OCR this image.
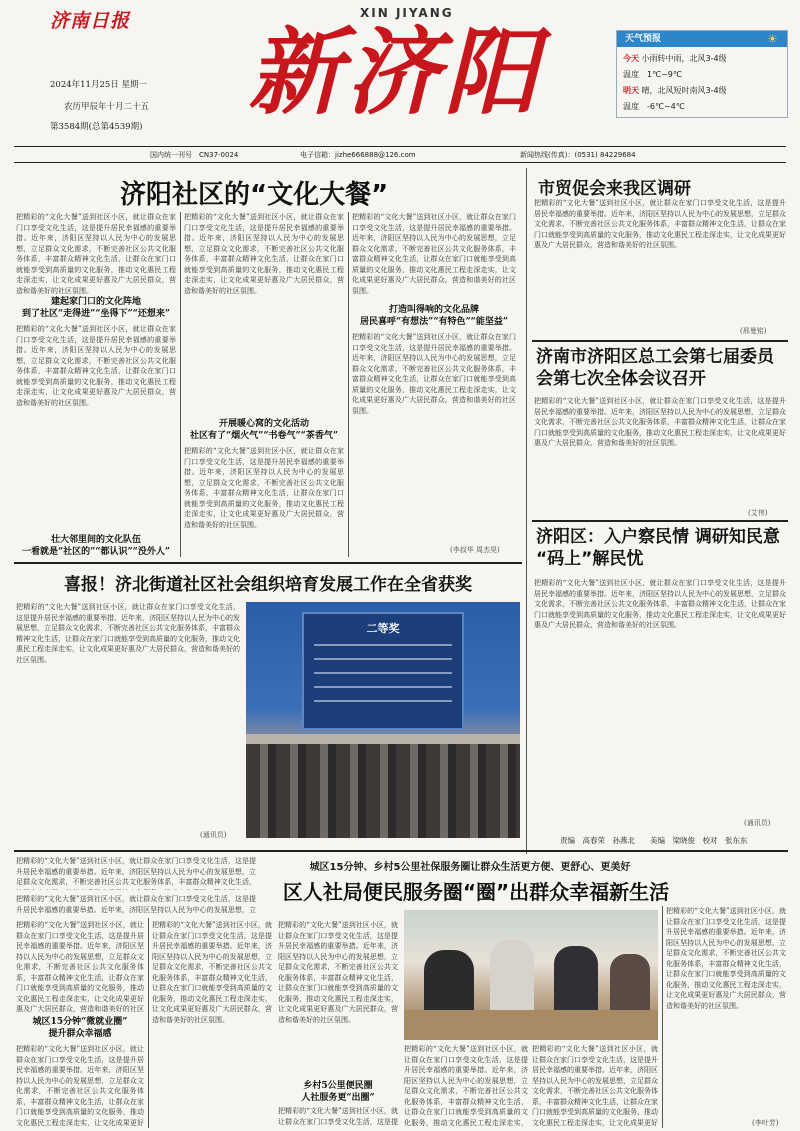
济南日报
2024年11月25日 星期一
农历甲辰年十月二十五
第3584期(总第4539期)
XIN JIYANG
新济阳	天气预报	☀
今天 小雨转中雨，北风3-4级
温度　 1℃~9℃
明天 晴，北风短时南风3-4级
温度　 -6℃~4℃
国内统一刊号　CN37-0024	电子信箱：jizhe666888@126.com	新闻热线(传真)：(0531) 84229684
济阳社区的“文化大餐”
把精彩的“文化大餐”送到社区小区，就让群众在家门口享受文化生活，这是提升居民幸福感的重要举措。近年来，济阳区坚持以人民为中心的发展思想，立足群众文化需求，不断完善社区公共文化服务体系，丰富群众精神文化生活，让群众在家门口就能享受到高质量的文化服务，推动文化惠民工程走深走实，让文化成果更好惠及广大居民群众，营造和谐美好的社区氛围。
建起家门口的文化阵地
到了社区“走得进”“坐得下”“还想来”
把精彩的“文化大餐”送到社区小区，就让群众在家门口享受文化生活，这是提升居民幸福感的重要举措。近年来，济阳区坚持以人民为中心的发展思想，立足群众文化需求，不断完善社区公共文化服务体系，丰富群众精神文化生活，让群众在家门口就能享受到高质量的文化服务，推动文化惠民工程走深走实，让文化成果更好惠及广大居民群众，营造和谐美好的社区氛围。
壮大邻里间的文化队伍
一看就是“社区的”“都认识”“没外人”
把精彩的“文化大餐”送到社区小区，就让群众在家门口享受文化生活，这是提升居民幸福感的重要举措。近年来，济阳区坚持以人民为中心的发展思想，立足群众文化需求，不断完善社区公共文化服务体系，丰富群众精神文化生活，让群众在家门口就能享受到高质量的文化服务，推动文化惠民工程走深走实，让文化成果更好惠及广大居民群众，营造和谐美好的社区氛围。
开展暖心窝的文化活动
社区有了“烟火气”“书卷气”“茶香气”
把精彩的“文化大餐”送到社区小区，就让群众在家门口享受文化生活，这是提升居民幸福感的重要举措。近年来，济阳区坚持以人民为中心的发展思想，立足群众文化需求，不断完善社区公共文化服务体系，丰富群众精神文化生活，让群众在家门口就能享受到高质量的文化服务，推动文化惠民工程走深走实，让文化成果更好惠及广大居民群众，营造和谐美好的社区氛围。
把精彩的“文化大餐”送到社区小区，就让群众在家门口享受文化生活，这是提升居民幸福感的重要举措。近年来，济阳区坚持以人民为中心的发展思想，立足群众文化需求，不断完善社区公共文化服务体系，丰富群众精神文化生活，让群众在家门口就能享受到高质量的文化服务，推动文化惠民工程走深走实，让文化成果更好惠及广大居民群众，营造和谐美好的社区氛围。
打造叫得响的文化品牌
居民喜呼“有想法”“有特色”“能坚益”
把精彩的“文化大餐”送到社区小区，就让群众在家门口享受文化生活，这是提升居民幸福感的重要举措。近年来，济阳区坚持以人民为中心的发展思想，立足群众文化需求，不断完善社区公共文化服务体系，丰富群众精神文化生活，让群众在家门口就能享受到高质量的文化服务，推动文化惠民工程走深走实，让文化成果更好惠及广大居民群众，营造和谐美好的社区氛围。
(李叔华 周杰昊)
喜报！济北街道社区社会组织培育发展工作在全省获奖
把精彩的“文化大餐”送到社区小区，就让群众在家门口享受文化生活，这是提升居民幸福感的重要举措。近年来，济阳区坚持以人民为中心的发展思想，立足群众文化需求，不断完善社区公共文化服务体系，丰富群众精神文化生活，让群众在家门口就能享受到高质量的文化服务，推动文化惠民工程走深走实，让文化成果更好惠及广大居民群众，营造和谐美好的社区氛围。
(通讯员)
二等奖
市贸促会来我区调研
把精彩的“文化大餐”送到社区小区，就让群众在家门口享受文化生活，这是提升居民幸福感的重要举措。近年来，济阳区坚持以人民为中心的发展思想，立足群众文化需求，不断完善社区公共文化服务体系，丰富群众精神文化生活，让群众在家门口就能享受到高质量的文化服务，推动文化惠民工程走深走实，让文化成果更好惠及广大居民群众，营造和谐美好的社区氛围。
(邢曼铭)
济南市济阳区总工会第七届委员会第七次全体会议召开
把精彩的“文化大餐”送到社区小区，就让群众在家门口享受文化生活，这是提升居民幸福感的重要举措。近年来，济阳区坚持以人民为中心的发展思想，立足群众文化需求，不断完善社区公共文化服务体系，丰富群众精神文化生活，让群众在家门口就能享受到高质量的文化服务，推动文化惠民工程走深走实，让文化成果更好惠及广大居民群众，营造和谐美好的社区氛围。
(艾伟)
济阳区：入户察民情 调研知民意 “码上”解民忧
把精彩的“文化大餐”送到社区小区，就让群众在家门口享受文化生活，这是提升居民幸福感的重要举措。近年来，济阳区坚持以人民为中心的发展思想，立足群众文化需求，不断完善社区公共文化服务体系，丰富群众精神文化生活，让群众在家门口就能享受到高质量的文化服务，推动文化惠民工程走深走实，让文化成果更好惠及广大居民群众，营造和谐美好的社区氛围。
(通讯员)
责编　高春荣　孙燕北　　美编　梁晓俊　校对　张东东
把精彩的“文化大餐”送到社区小区，就让群众在家门口享受文化生活，这是提升居民幸福感的重要举措。近年来，济阳区坚持以人民为中心的发展思想，立足群众文化需求，不断完善社区公共文化服务体系，丰富群众精神文化生活，
城区15分钟、乡村5公里社保服务圈让群众生活更方便、更舒心、更美好
区人社局便民服务圈“圈”出群众幸福新生活
把精彩的“文化大餐”送到社区小区，就让群众在家门口享受文化生活，这是提升居民幸福感的重要举措。近年来，济阳区坚持以人民为中心的发展思想，立
把精彩的“文化大餐”送到社区小区，就让群众在家门口享受文化生活，这是提升居民幸福感的重要举措。近年来，济阳区坚持以人民为中心的发展思想，立足群众文化需求，不断完善社区公共文化服务体系，丰富群众精神文化生活，让群众在家门口就能享受到高质量的文化服务，推动文化惠民工程走深走实，让文化成果更好惠及广大居民群众，营造和谐美好的社区
城区15分钟“微就业圈”
提升群众幸福感
把精彩的“文化大餐”送到社区小区，就让群众在家门口享受文化生活，这是提升居民幸福感的重要举措。近年来，济阳区坚持以人民为中心的发展思想，立足群众文化需求，不断完善社区公共文化服务体系，丰富群众精神文化生活，让群众在家门口就能享受到高质量的文化服务，推动文化惠民工程走深走实，让文化成果更好
把精彩的“文化大餐”送到社区小区，就让群众在家门口享受文化生活，这是提升居民幸福感的重要举措。近年来，济阳区坚持以人民为中心的发展思想，立足群众文化需求，不断完善社区公共文化服务体系，丰富群众精神文化生活，让群众在家门口就能享受到高质量的文化服务，推动文化惠民工程走深走实，让文化成果更好惠及广大居民群众，营造和谐美好的社区氛围。
把精彩的“文化大餐”送到社区小区，就让群众在家门口享受文化生活，这是提升居民幸福感的重要举措。近年来，济阳区坚持以人民为中心的发展思想，立足群众文化需求，不断完善社区公共文化服务体系，丰富群众精神文化生活，让群众在家门口就能享受到高质量的文化服务，推动文化惠民工程走深走实，让文化成果更好惠及广大居民群众，营造和谐美好的社区氛围。
乡村5公里便民圈
人社服务更“出圈”
把精彩的“文化大餐”送到社区小区，就让群众在家门口享受文化生活，这是提
把精彩的“文化大餐”送到社区小区，就让群众在家门口享受文化生活，这是提升居民幸福感的重要举措。近年来，济阳区坚持以人民为中心的发展思想，立足群众文化需求，不断完善社区公共文化服务体系，丰富群众精神文化生活，让群众在家门口就能享受到高质量的文化服务，推动文化惠民工程走深走实，
把精彩的“文化大餐”送到社区小区，就让群众在家门口享受文化生活，这是提升居民幸福感的重要举措。近年来，济阳区坚持以人民为中心的发展思想，立足群众文化需求，不断完善社区公共文化服务体系，丰富群众精神文化生活，让群众在家门口就能享受到高质量的文化服务，推动文化惠民工程走深走实，让文化成果更好
把精彩的“文化大餐”送到社区小区，就让群众在家门口享受文化生活，这是提升居民幸福感的重要举措。近年来，济阳区坚持以人民为中心的发展思想，立足群众文化需求，不断完善社区公共文化服务体系，丰富群众精神文化生活，让群众在家门口就能享受到高质量的文化服务，推动文化惠民工程走深走实，让文化成果更好惠及广大居民群众，营造和谐美好的社区氛围。
(李叶芳)
